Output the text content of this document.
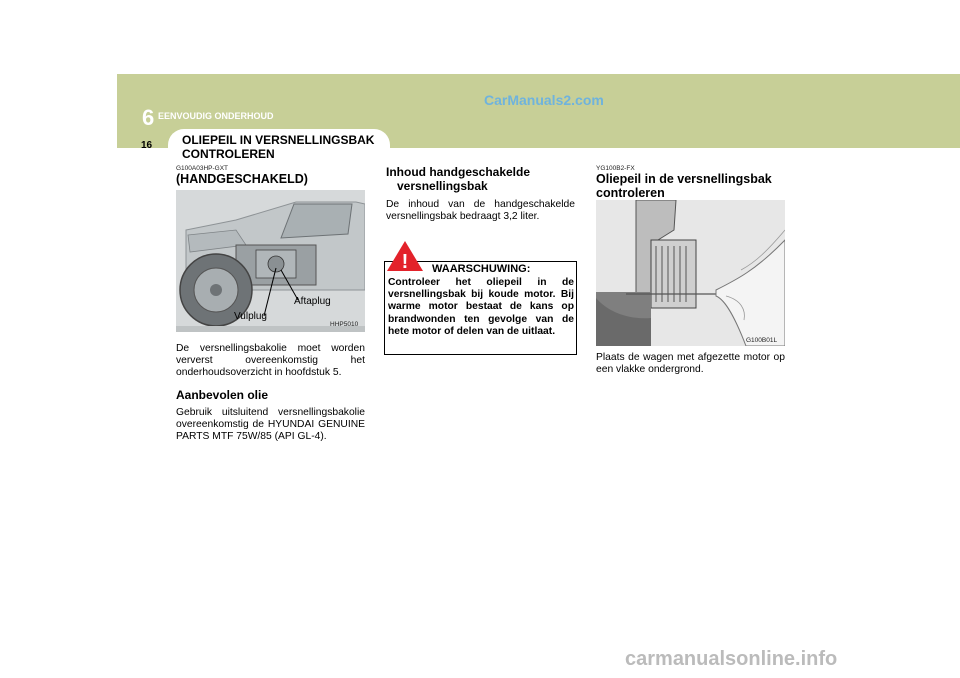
6 EENVOUDIG ONDERHOUD
CarManuals2.com
16 OLIEPEIL IN VERSNELLINGSBAK
CONTROLEREN
G100A03HP-GXT
(HANDGESCHAKELD)
Vulplug
Aftaplug
HHP5010
De versnellingsbakolie moet worden ververst overeenkomstig het onderhoudsoverzicht in hoofdstuk 5.
Aanbevolen olie
Gebruik uitsluitend versnellingsbakolie overeenkomstig de HYUNDAI GENUINE PARTS MTF 75W/85 (API GL-4).
Inhoud handgeschakelde
versnellingsbak
De inhoud van de handgeschakelde versnellingsbak bedraagt 3,2 liter.
! WAARSCHUWING:
Controleer het oliepeil in de versnellingsbak bij koude motor. Bij warme motor bestaat de kans op brandwonden ten gevolge van de hete motor of delen van de uitlaat.
YG100B2-FX
Oliepeil in de versnellingsbak controleren
G100B01L
Plaats de wagen met afgezette motor op een vlakke ondergrond.
carmanualsonline.info
